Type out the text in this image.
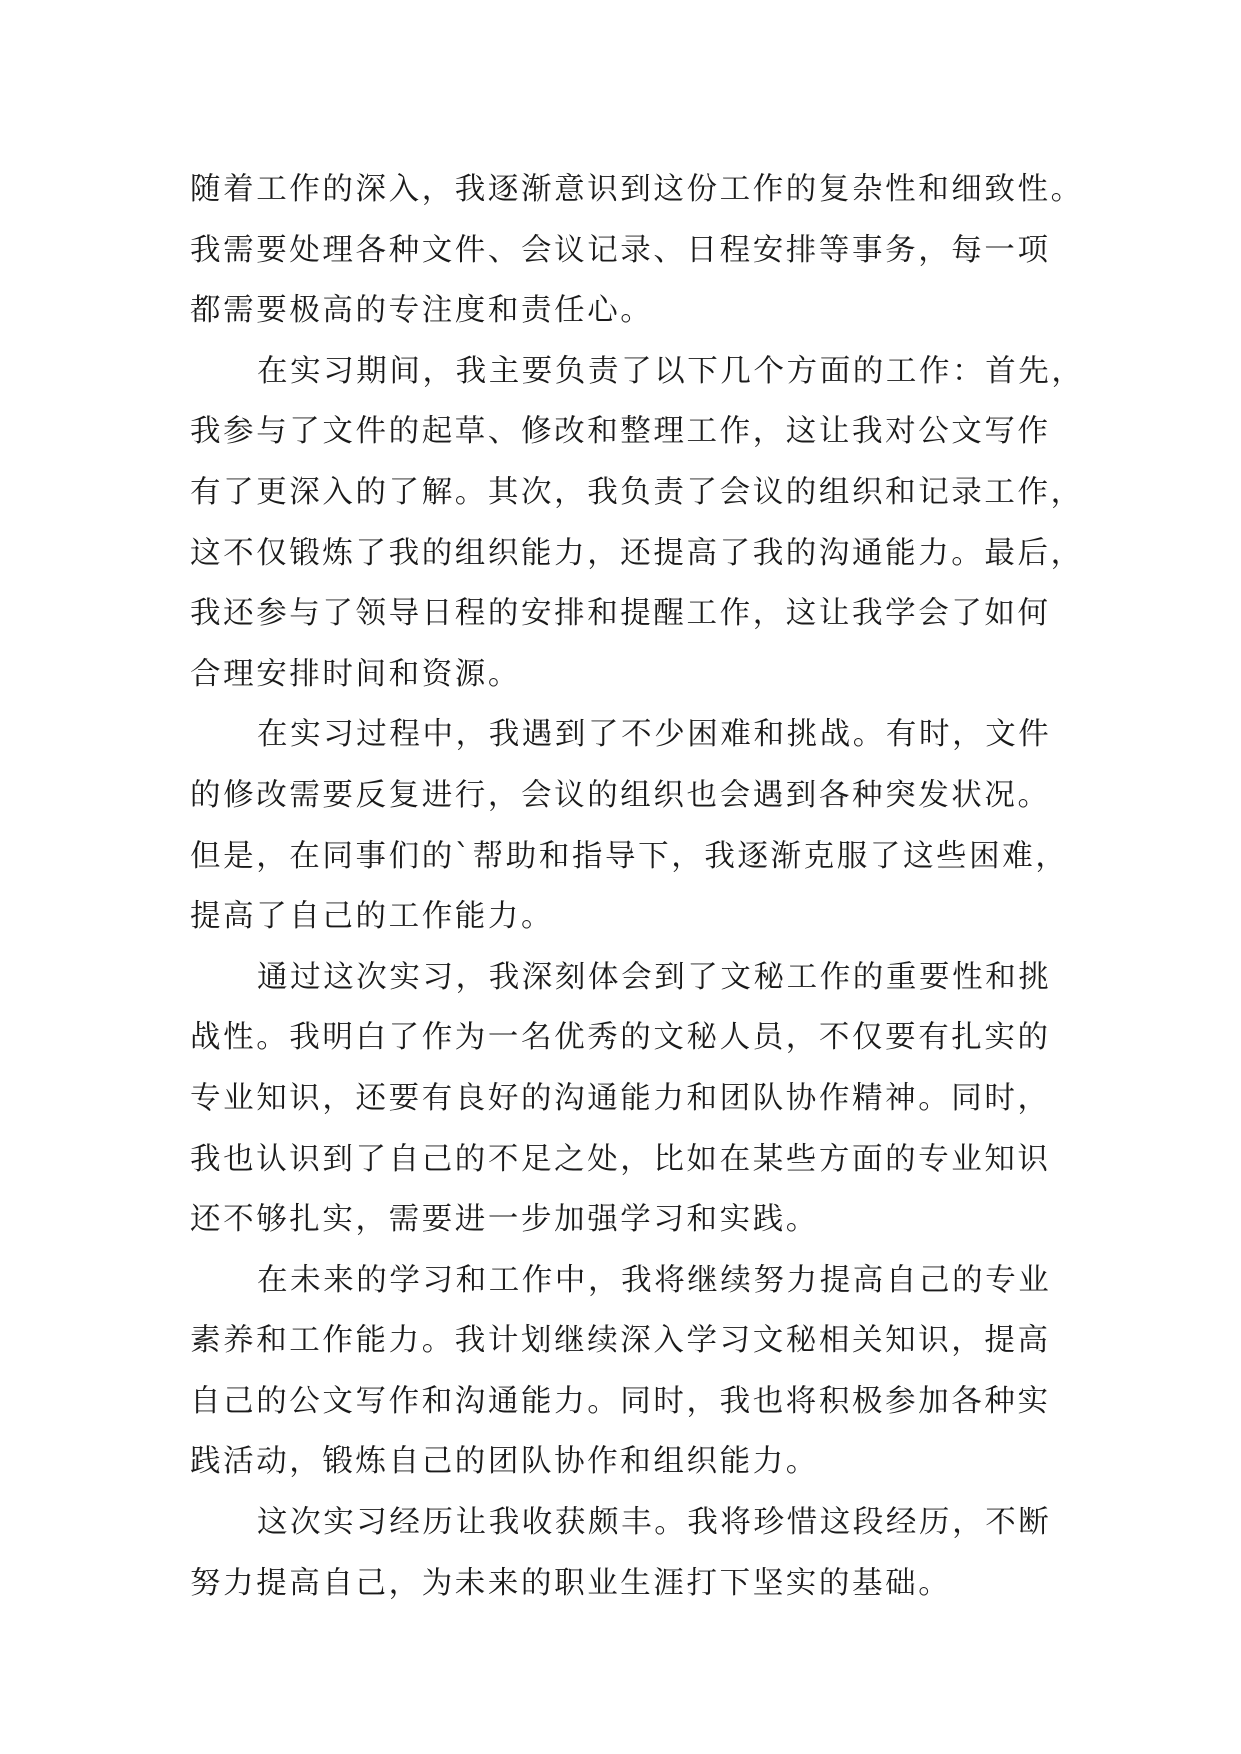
随着工作的深入，我逐渐意识到这份工作的复杂性和细致性。
我需要处理各种文件、会议记录、日程安排等事务，每一项
都需要极高的专注度和责任心。
在实习期间，我主要负责了以下几个方面的工作：首先，
我参与了文件的起草、修改和整理工作，这让我对公文写作
有了更深入的了解。其次，我负责了会议的组织和记录工作，
这不仅锻炼了我的组织能力，还提高了我的沟通能力。最后，
我还参与了领导日程的安排和提醒工作，这让我学会了如何
合理安排时间和资源。
在实习过程中，我遇到了不少困难和挑战。有时，文件
的修改需要反复进行，会议的组织也会遇到各种突发状况。
但是，在同事们的`帮助和指导下，我逐渐克服了这些困难，
提高了自己的工作能力。
通过这次实习，我深刻体会到了文秘工作的重要性和挑
战性。我明白了作为一名优秀的文秘人员，不仅要有扎实的
专业知识，还要有良好的沟通能力和团队协作精神。同时，
我也认识到了自己的不足之处，比如在某些方面的专业知识
还不够扎实，需要进一步加强学习和实践。
在未来的学习和工作中，我将继续努力提高自己的专业
素养和工作能力。我计划继续深入学习文秘相关知识，提高
自己的公文写作和沟通能力。同时，我也将积极参加各种实
践活动，锻炼自己的团队协作和组织能力。
这次实习经历让我收获颇丰。我将珍惜这段经历，不断
努力提高自己，为未来的职业生涯打下坚实的基础。
